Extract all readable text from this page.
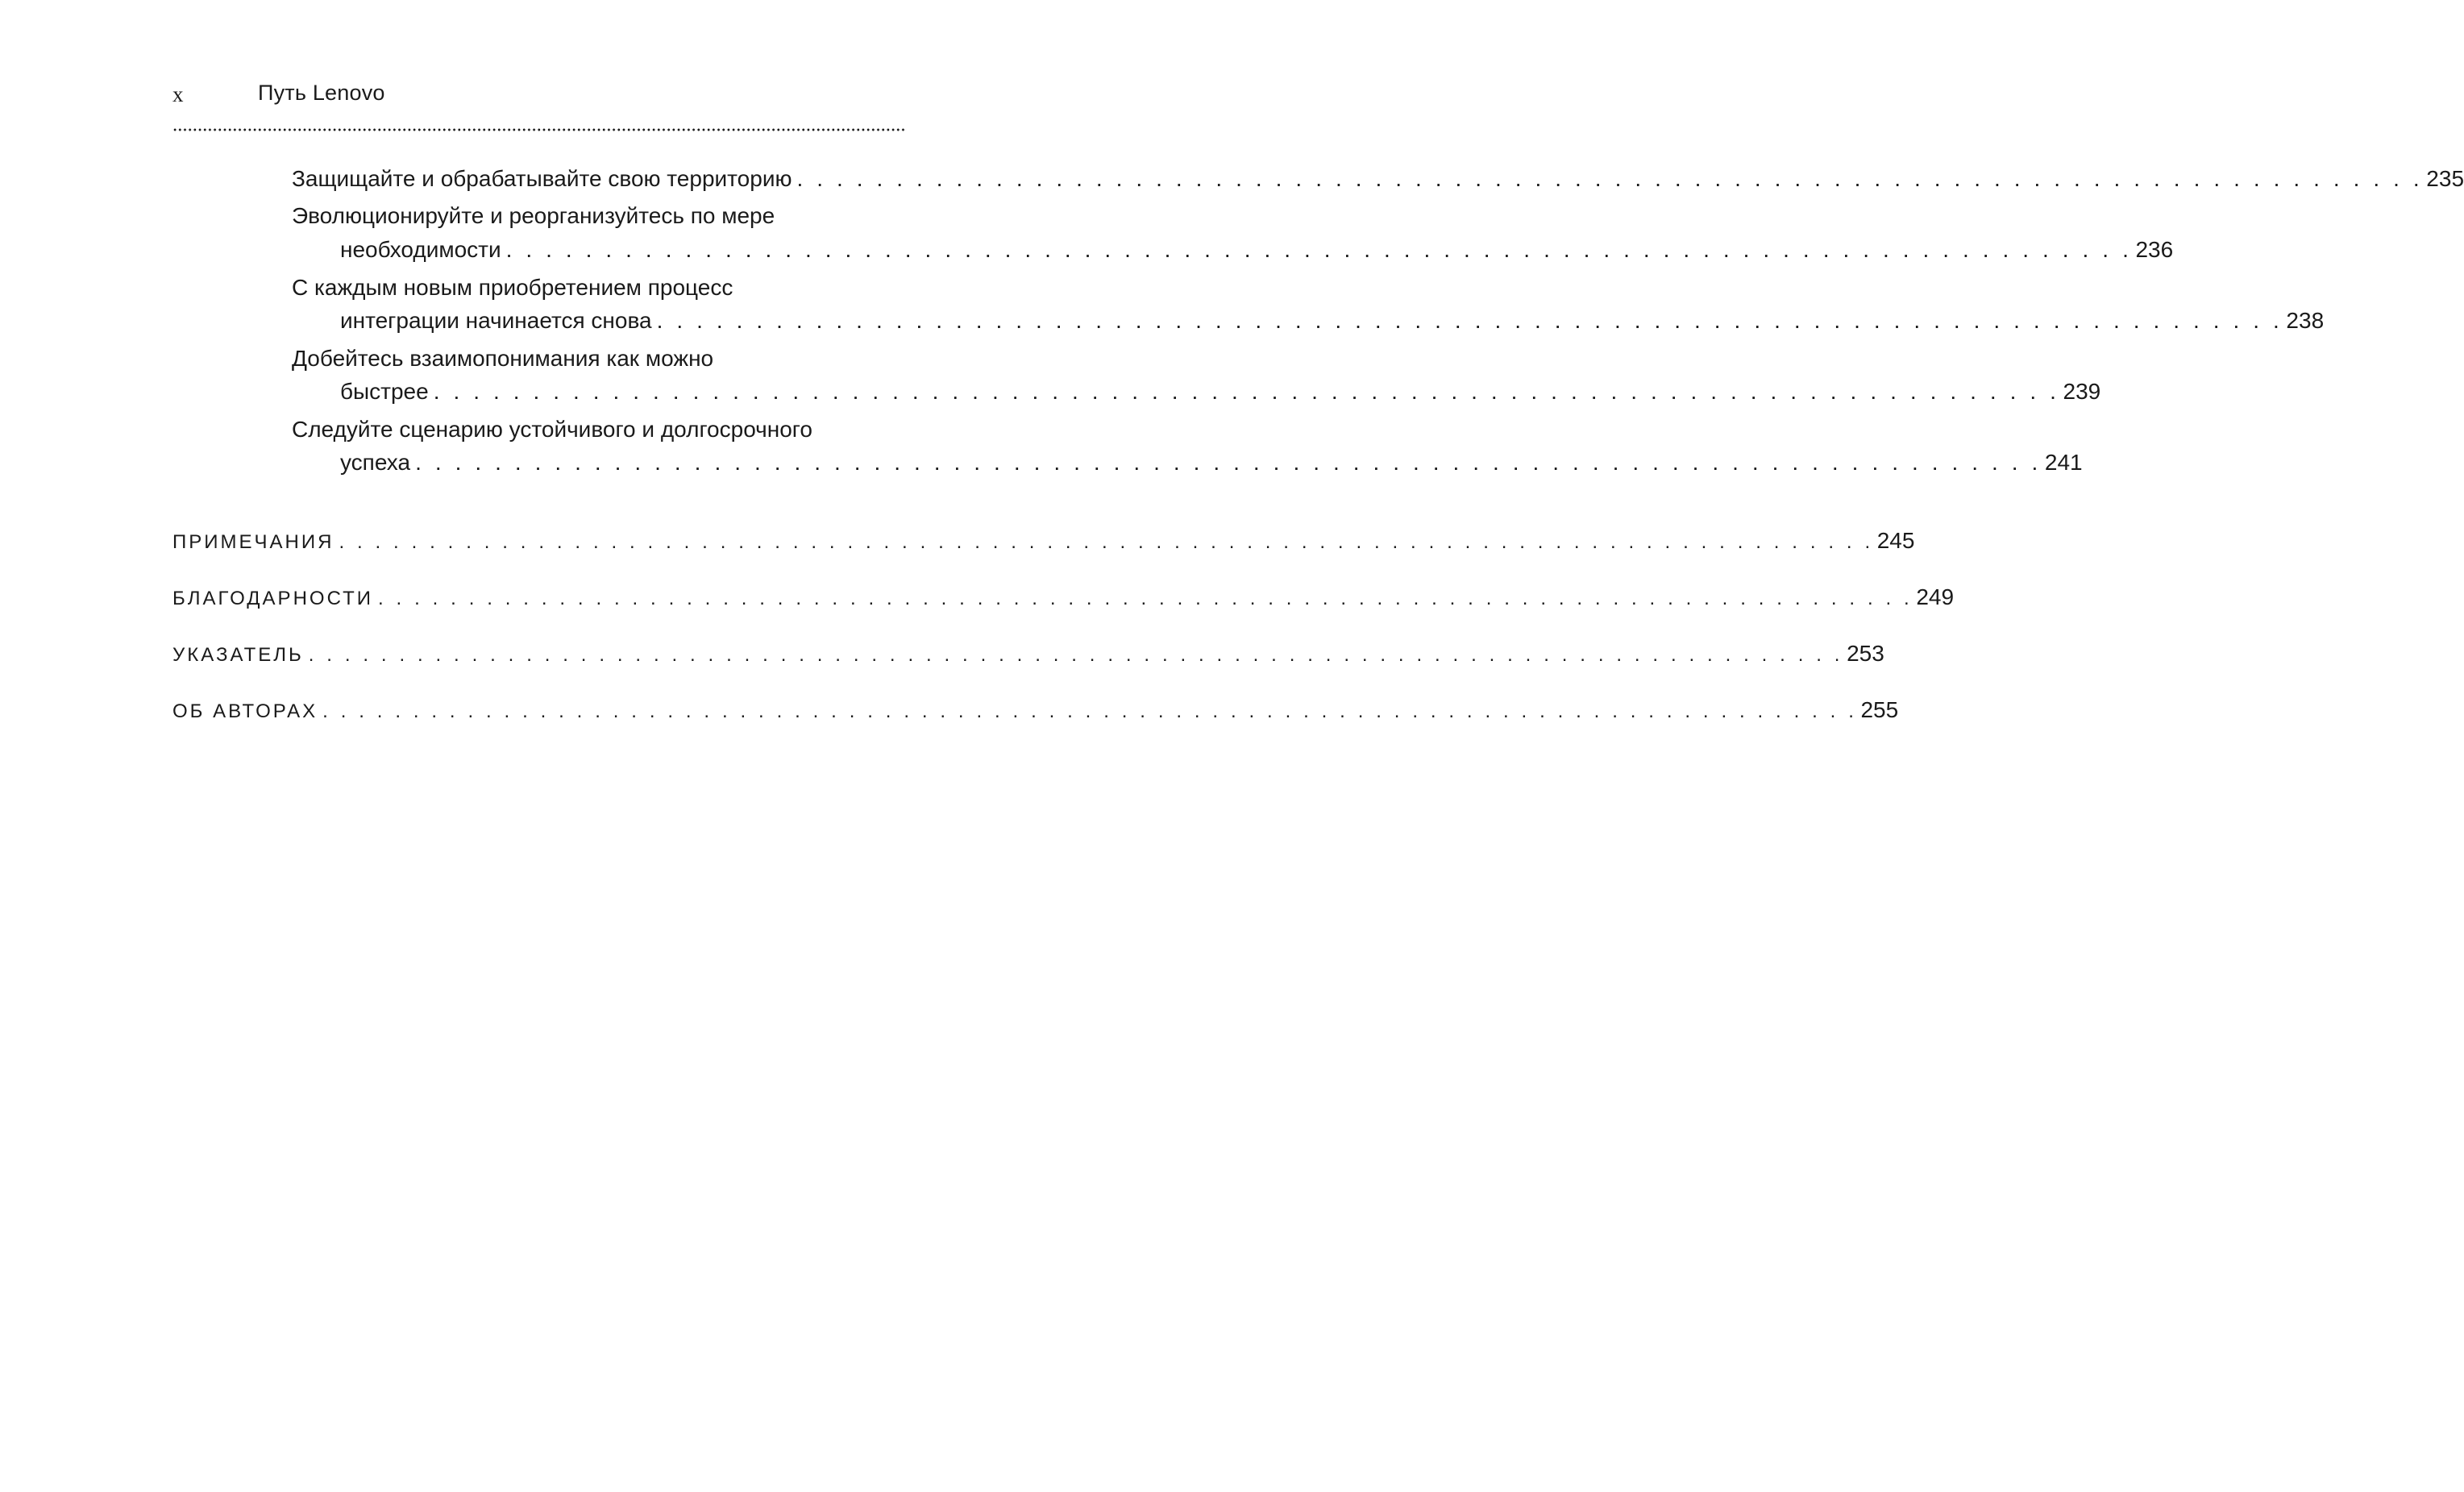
x	Путь Lenovo
Защищайте и обрабатывайте свою территорию . . . . . . . . . . . . . . . . . . . . . . . . . . . . . . . . . . . . . . . . . . . . . . . . . . . . . . . . . . . . . . . . . . . . . . . . . . . . . . . . . . 235
Эволюционируйте и реорганизуйтесь по мере
необходимости . . . . . . . . . . . . . . . . . . . . . . . . . . . . . . . . . . . . . . . . . . . . . . . . . . . . . . . . . . . . . . . . . . . . . . . . . . . . . . . . . . 236
С каждым новым приобретением процесс
интеграции начинается снова . . . . . . . . . . . . . . . . . . . . . . . . . . . . . . . . . . . . . . . . . . . . . . . . . . . . . . . . . . . . . . . . . . . . . . . . . . . . . . . . . . 238
Добейтесь взаимопонимания как можно
быстрее . . . . . . . . . . . . . . . . . . . . . . . . . . . . . . . . . . . . . . . . . . . . . . . . . . . . . . . . . . . . . . . . . . . . . . . . . . . . . . . . . . 239
Следуйте сценарию устойчивого и долгосрочного
успеха . . . . . . . . . . . . . . . . . . . . . . . . . . . . . . . . . . . . . . . . . . . . . . . . . . . . . . . . . . . . . . . . . . . . . . . . . . . . . . . . . . 241
ПРИМЕЧАНИЯ . . . . . . . . . . . . . . . . . . . . . . . . . . . . . . . . . . . . . . . . . . . . . . . . . . . . . . . . . . . . . . . . . . . . . . . . . . . . . . . . . . . . . 245
БЛАГОДАРНОСТИ . . . . . . . . . . . . . . . . . . . . . . . . . . . . . . . . . . . . . . . . . . . . . . . . . . . . . . . . . . . . . . . . . . . . . . . . . . . . . . . . . . . . . 249
УКАЗАТЕЛЬ . . . . . . . . . . . . . . . . . . . . . . . . . . . . . . . . . . . . . . . . . . . . . . . . . . . . . . . . . . . . . . . . . . . . . . . . . . . . . . . . . . . . . 253
ОБ АВТОРАХ . . . . . . . . . . . . . . . . . . . . . . . . . . . . . . . . . . . . . . . . . . . . . . . . . . . . . . . . . . . . . . . . . . . . . . . . . . . . . . . . . . . . . 255
